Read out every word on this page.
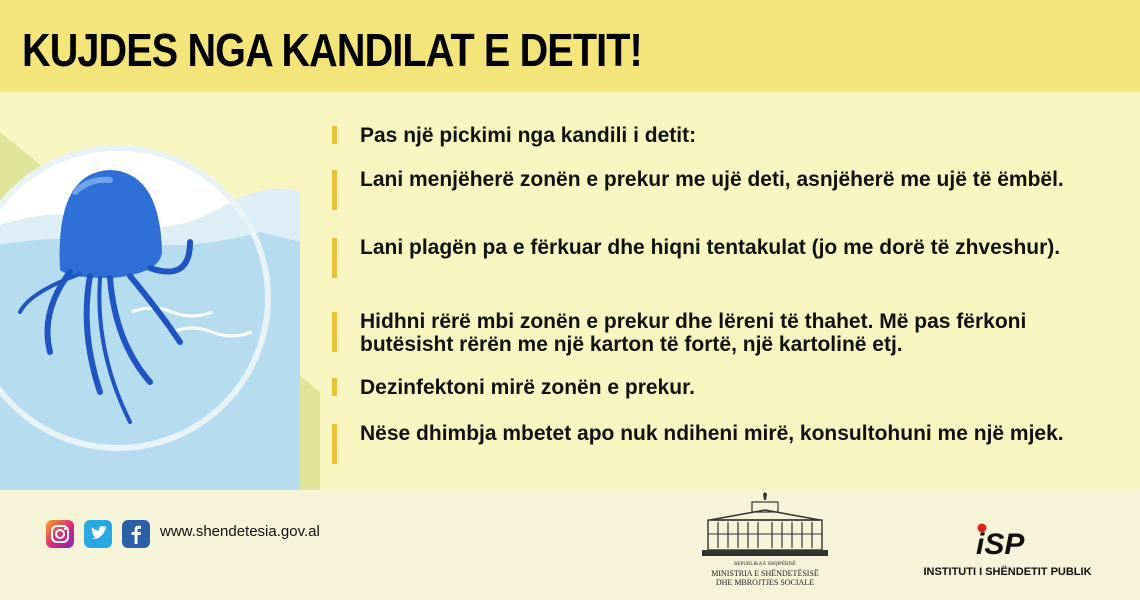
KUJDES NGA KANDILAT E DETIT!
Pas një pickimi nga kandili i detit:
Lani menjëherë zonën e prekur me ujë deti, asnjëherë me ujë të ëmbël.
Lani plagën pa e fërkuar dhe hiqni tentakulat (jo me dorë të zhveshur).
Hidhni rërë mbi zonën e prekur dhe lëreni të thahet. Më pas fërkoni butësisht rërën me një karton të fortë, një kartolinë etj.
Dezinfektoni mirë zonën e prekur.
Nëse dhimbja mbetet apo nuk ndiheni mirë, konsultohuni me një mjek.
www.shendetesia.gov.al
REPUBLIKA E SHQIPËRISË
MINISTRIA E SHËNDETËSISË
DHE MBROJTJES SOCIALE
iSP
INSTITUTI I SHËNDETIT PUBLIK
